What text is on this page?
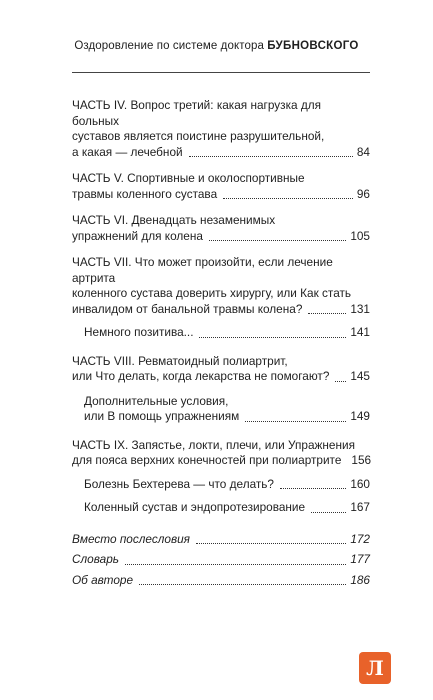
Оздоровление по системе доктора БУБНОВСКОГО
ЧАСТЬ IV. Вопрос третий: какая нагрузка для больных
суставов является поистине разрушительной,
а какая — лечебной	84
ЧАСТЬ V. Спортивные и околоспортивные
травмы коленного сустава	96
ЧАСТЬ VI. Двенадцать незаменимых
упражнений для колена	105
ЧАСТЬ VII. Что может произойти, если лечение артрита
коленного сустава доверить хирургу, или Как стать
инвалидом от банальной травмы колена?	131
Немного позитива...	141
ЧАСТЬ VIII. Ревматоидный полиартрит,
или Что делать, когда лекарства не помогают? 145
Дополнительные условия,
или В помощь упражнениям	149
ЧАСТЬ IX. Запястье, локти, плечи, или Упражнения
для пояса верхних конечностей при полиартрите 156
Болезнь Бехтерева — что делать?	160
Коленный сустав и эндопротезирование	167
Вместо послесловия	172
Словарь	177
Об авторе	186
Л
